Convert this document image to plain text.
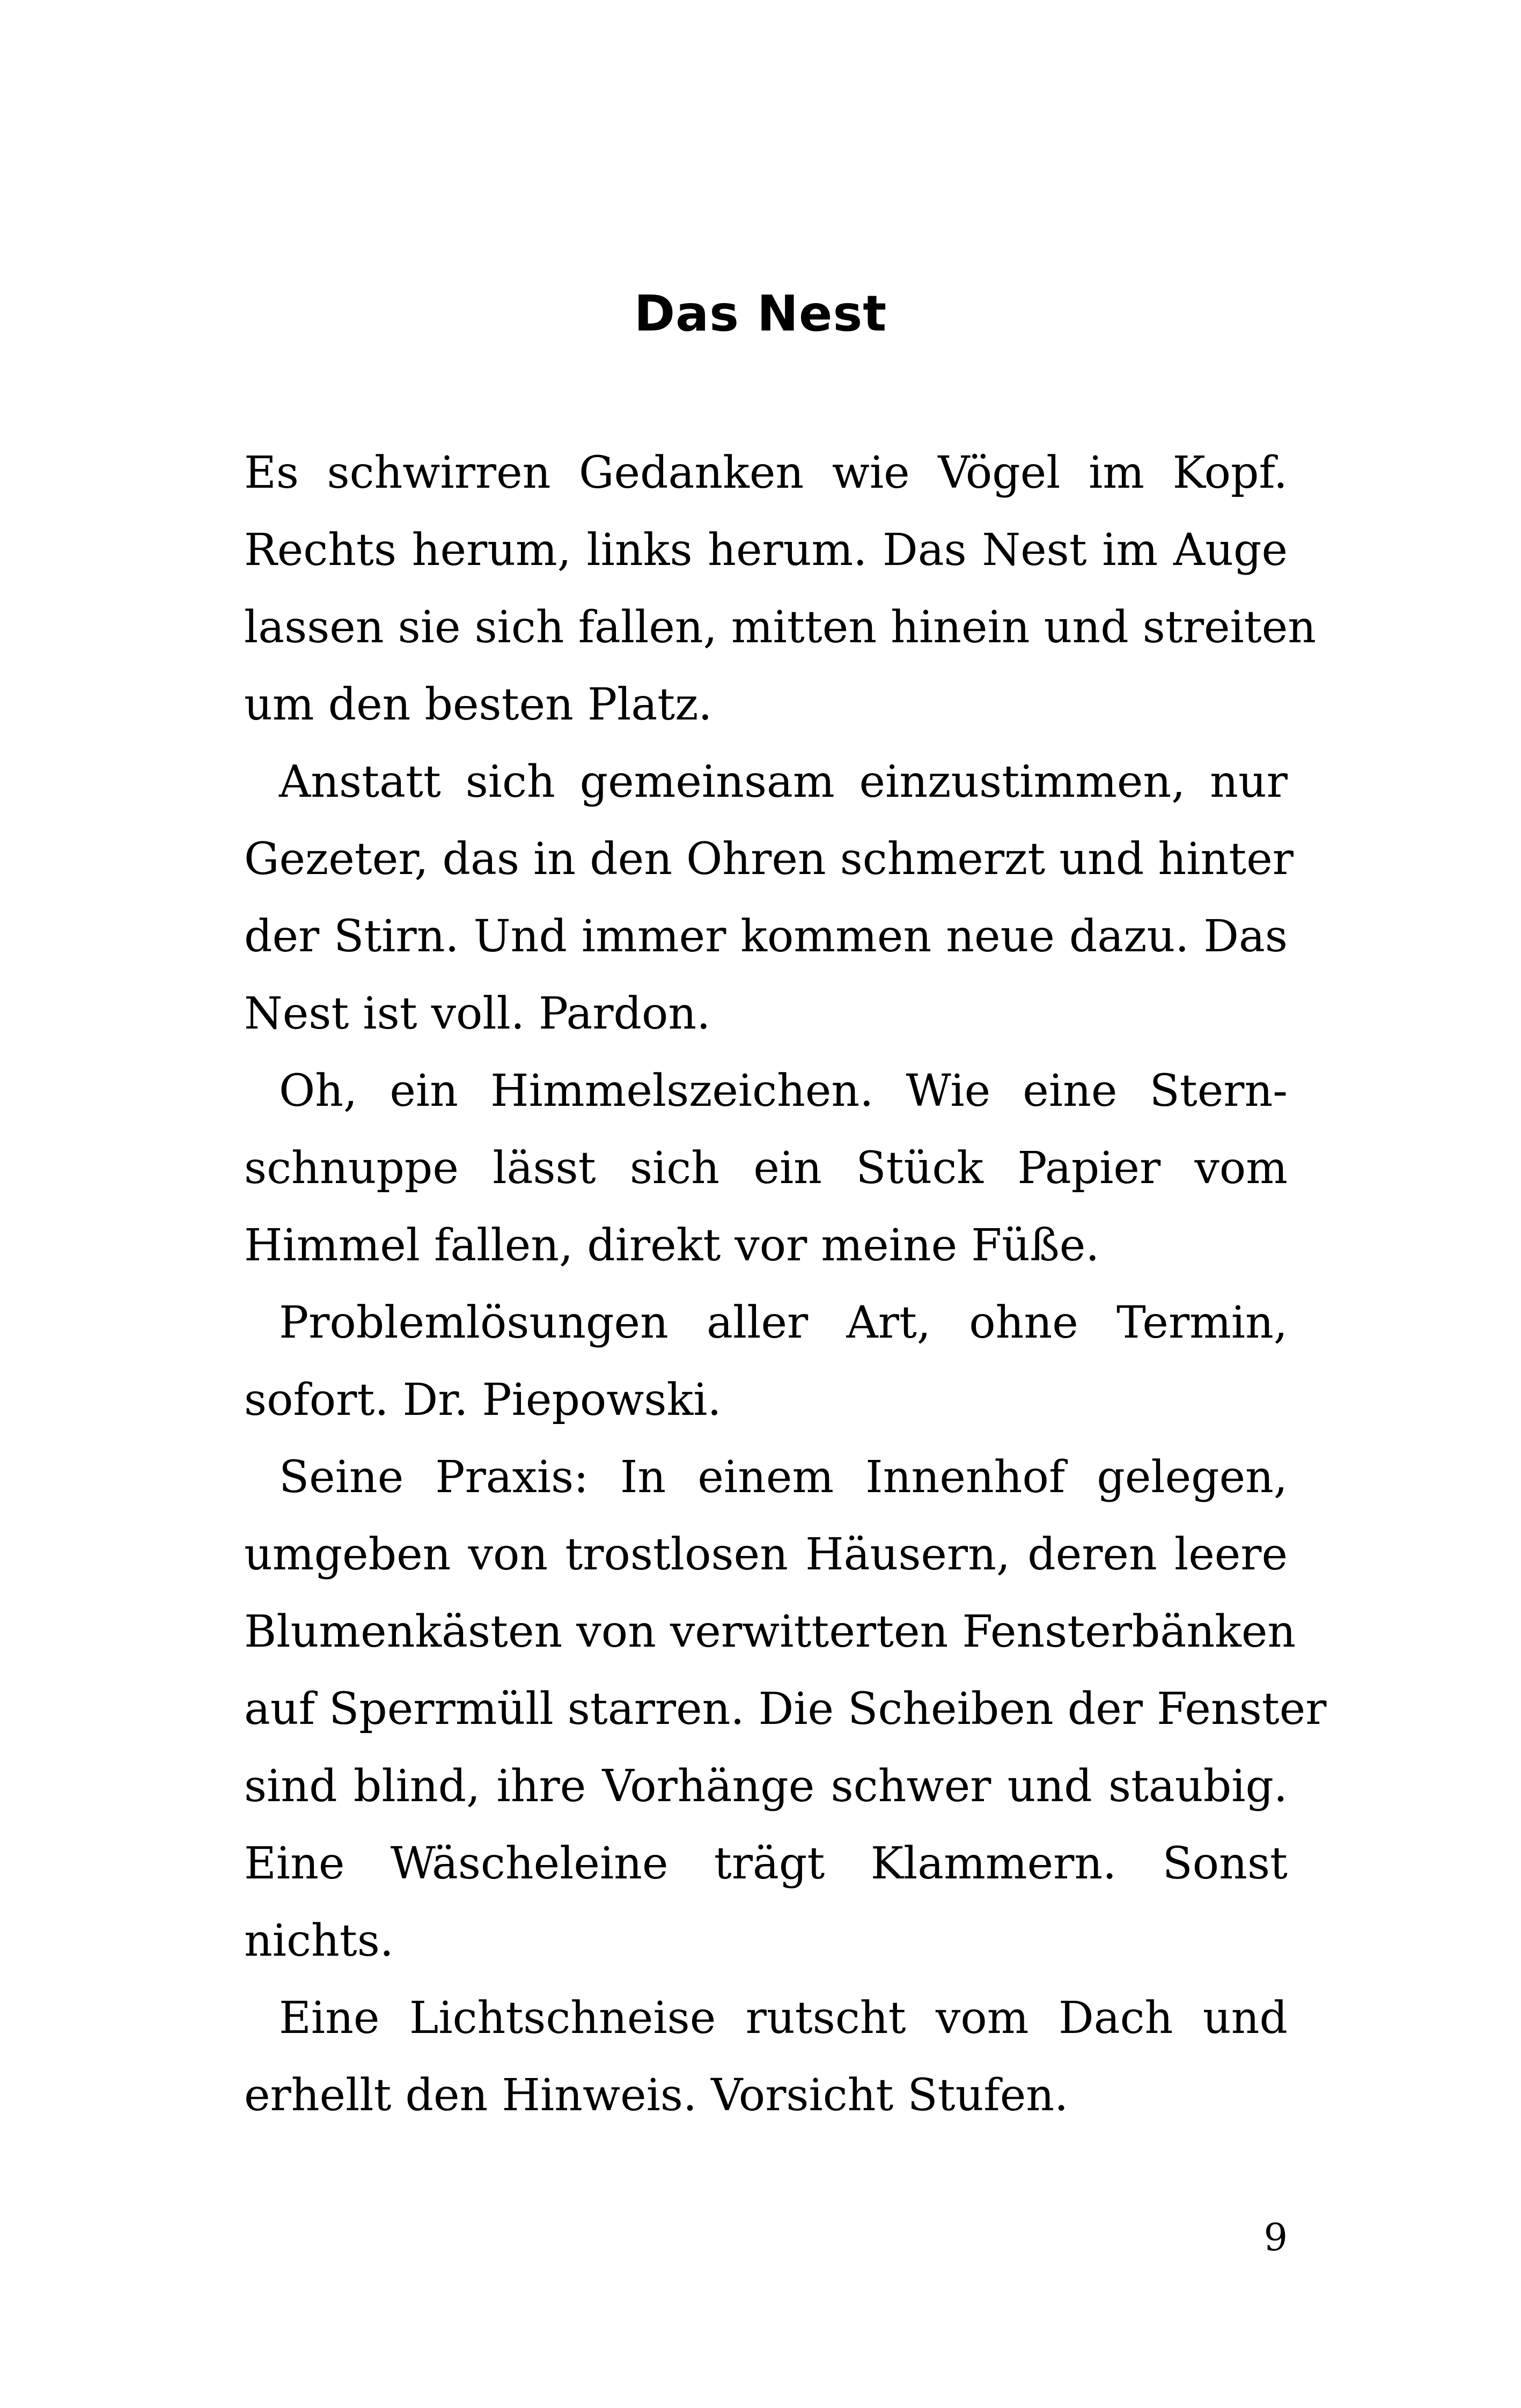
Das Nest

Es schwirren Gedanken wie Vögel im Kopf.
Rechts herum, links herum. Das Nest im Auge
lassen sie sich fallen, mitten hinein und streiten
um den besten Platz.

Anstatt sich gemeinsam einzustimmen, nur
Gezeter, das in den Ohren schmerzt und hinter
der Stirn. Und immer kommen neue dazu. Das
Nest ist voll. Pardon.

Oh, ein Himmelszeichen. Wie eine Stern-
schnuppe lässt sich ein Stück Papier vom
Himmel fallen, direkt vor meine Füße.

Problemlösungen aller Art, ohne Termin,
sofort. Dr. Piepowski.

Seine Praxis: In einem Innenhof gelegen,
umgeben von trostlosen Häusern, deren leere
Blumenkästen von verwitterten Fensterbänken
auf Sperrmüll starren. Die Scheiben der Fenster
sind blind, ihre Vorhänge schwer und staubig.
Eine Wäscheleine trägt Klammern. Sonst
nichts.

Eine Lichtschneise rutscht vom Dach und
erhellt den Hinweis. Vorsicht Stufen.

9
